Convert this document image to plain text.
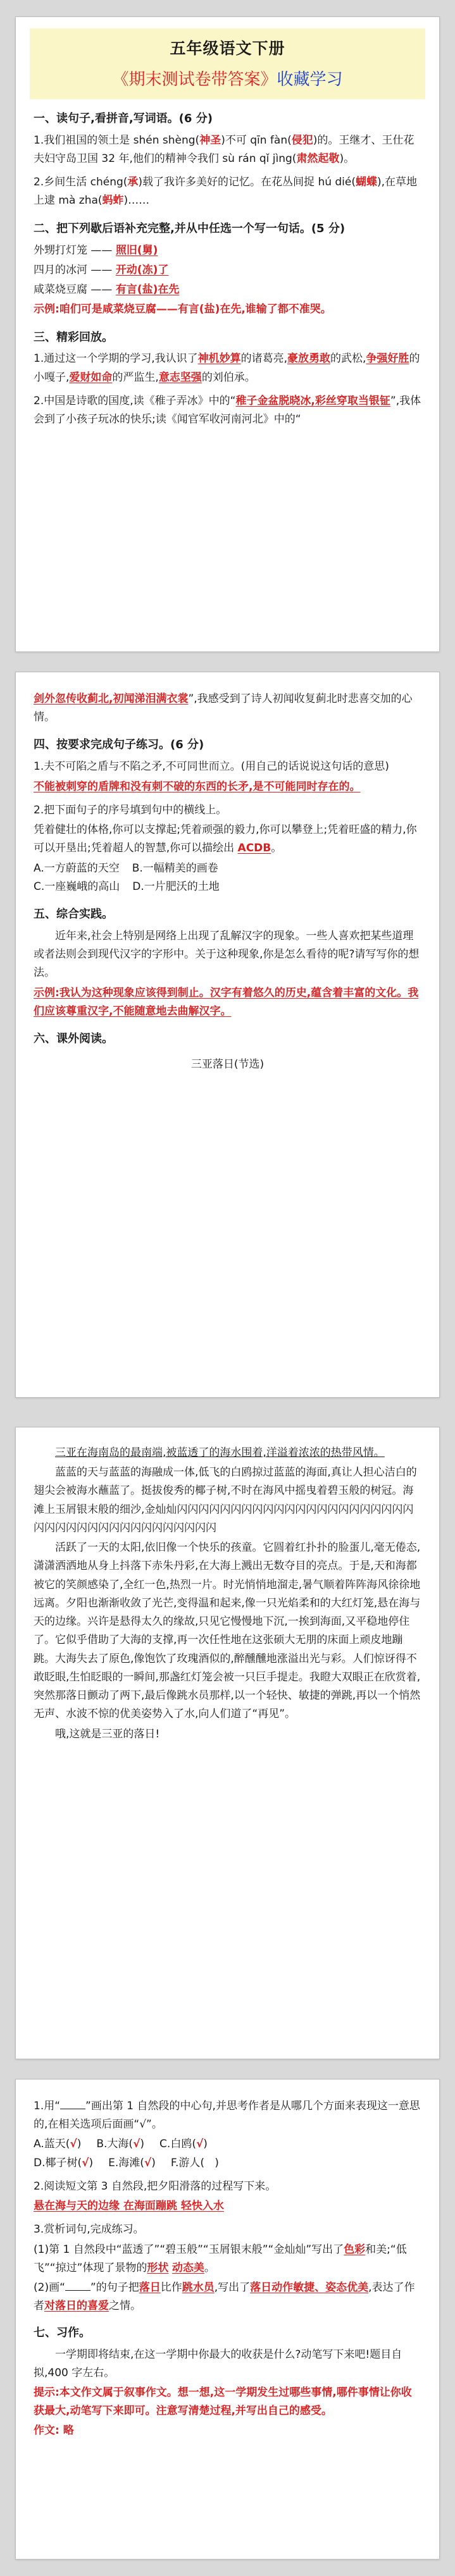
五年级语文下册
《期末测试卷带答案》收藏学习
一、读句子,看拼音,写词语。(6 分)

1.我们祖国的领土是 shén shèng(神圣)不可 qīn fàn(侵犯)的。王继才、王仕花夫妇守岛卫国 32 年,他们的精神令我们 sù rán qǐ jìng(肃然起敬)。

2.乡间生活 chéng(承)载了我许多美好的记忆。在花丛间捉 hú dié(蝴蝶),在草地上逮 mà zha(蚂蚱)……

二、把下列歇后语补充完整,并从中任选一个写一句话。(5 分)

外甥打灯笼 —— 照旧(舅)

四月的冰河 —— 开动(冻)了

咸菜烧豆腐 —— 有言(盐)在先

示例:咱们可是咸菜烧豆腐——有言(盐)在先,谁输了都不准哭。

三、精彩回放。

1.通过这一个学期的学习,我认识了神机妙算的诸葛亮,豪放勇敢的武松,争强好胜的小嘎子,爱财如命的严监生,意志坚强的刘伯承。

2.中国是诗歌的国度,读《稚子弄冰》中的“稚子金盆脱晓冰,彩丝穿取当银钲”,我体会到了小孩子玩冰的快乐;读《闻官军收河南河北》中的“

剑外忽传收蓟北,初闻涕泪满衣裳”,我感受到了诗人初闻收复蓟北时悲喜交加的心情。

四、按要求完成句子练习。(6 分)

1.夫不可陷之盾与不陷之矛,不可同世而立。(用自己的话说说这句话的意思)

不能被刺穿的盾牌和没有刺不破的东西的长矛,是不可能同时存在的。

2.把下面句子的序号填到句中的横线上。

凭着健壮的体格,你可以支撑起;凭着顽强的毅力,你可以攀登上;凭着旺盛的精力,你可以开垦出;凭着超人的智慧,你可以描绘出 ACDB。

A.一方蔚蓝的天空 B.一幅精美的画卷
C.一座巍峨的高山 D.一片肥沃的土地
五、综合实践。

近年来,社会上特别是网络上出现了乱解汉字的现象。一些人喜欢把某些道理或者法则会到现代汉字的字形中。关于这种现象,你是怎么看待的呢?请写写你的想法。

示例:我认为这种现象应该得到制止。汉字有着悠久的历史,蕴含着丰富的文化。我们应该尊重汉字,不能随意地去曲解汉字。

六、课外阅读。

三亚落日(节选)

三亚在海南岛的最南端,被蓝透了的海水围着,洋溢着浓浓的热带风情。

蓝蓝的天与蓝蓝的海融成一体,低飞的白鸥掠过蓝蓝的海面,真让人担心洁白的翅尖会被海水蘸蓝了。挺拔俊秀的椰子树,不时在海风中摇曳着碧玉般的树冠。海滩上玉屑银末般的细沙,金灿灿闪闪闪闪闪闪闪闪闪闪闪闪闪闪闪闪闪闪闪闪闪闪闪闪闪闪闪闪闪闪闪闪闪闪闪闪闪闪闪

活跃了一天的太阳,依旧像一个快乐的孩童。它圆着红扑扑的脸蛋儿,毫无倦态,潇潇洒洒地从身上抖落下赤朱丹彩,在大海上溅出无数夺目的亮点。于是,天和海都被它的笑颜感染了,全红一色,热烈一片。时光悄悄地溜走,暑气顺着阵阵海风徐徐地远离。夕阳也渐渐收敛了光芒,变得温和起来,像一只光焰柔和的大红灯笼,悬在海与天的边缘。兴许是悬得太久的缘故,只见它慢慢地下沉,一挨到海面,又平稳地停住了。它似乎借助了大海的支撑,再一次任性地在这张硕大无朋的床面上顽皮地蹦跳。大海失去了原色,像饱饮了玫瑰酒似的,醉醺醺地涨溢出光与彩。人们惊讶得不敢眨眼,生怕眨眼的一瞬间,那盏红灯笼会被一只巨手提走。我瞪大双眼正在欣赏着,突然那落日颤动了两下,最后像跳水员那样,以一个轻快、敏捷的弹跳,再以一个悄然无声、水波不惊的优美姿势入了水,向人们道了“再见”。

哦,这就是三亚的落日!

1.用“ ”画出第 1 自然段的中心句,并思考作者是从哪几个方面来表现这一意思的,在相关选项后面画“√”。

A.蓝天(√) B.大海(√) C.白鸥(√)
D.椰子树(√) E.海滩(√) F.游人( )

2.阅读短文第 3 自然段,把夕阳滑落的过程写下来。

悬在海与天的边缘 在海面蹦跳 轻快入水

3.赏析词句,完成练习。

(1)第 1 自然段中“蓝透了”“碧玉般”“玉屑银末般”“金灿灿”写出了色彩和美;“低飞”“掠过”体现了景物的形状 动态美。

(2)画“ ”的句子把落日比作跳水员,写出了落日动作敏捷、姿态优美,表达了作者对落日的喜爱之情。

七、习作。

一学期即将结束,在这一学期中你最大的收获是什么?动笔写下来吧!题目自拟,400 字左右。

提示:本文作文属于叙事作文。想一想,这一学期发生过哪些事情,哪件事情让你收获最大,动笔写下来即可。注意写清楚过程,并写出自己的感受。

作文: 略
